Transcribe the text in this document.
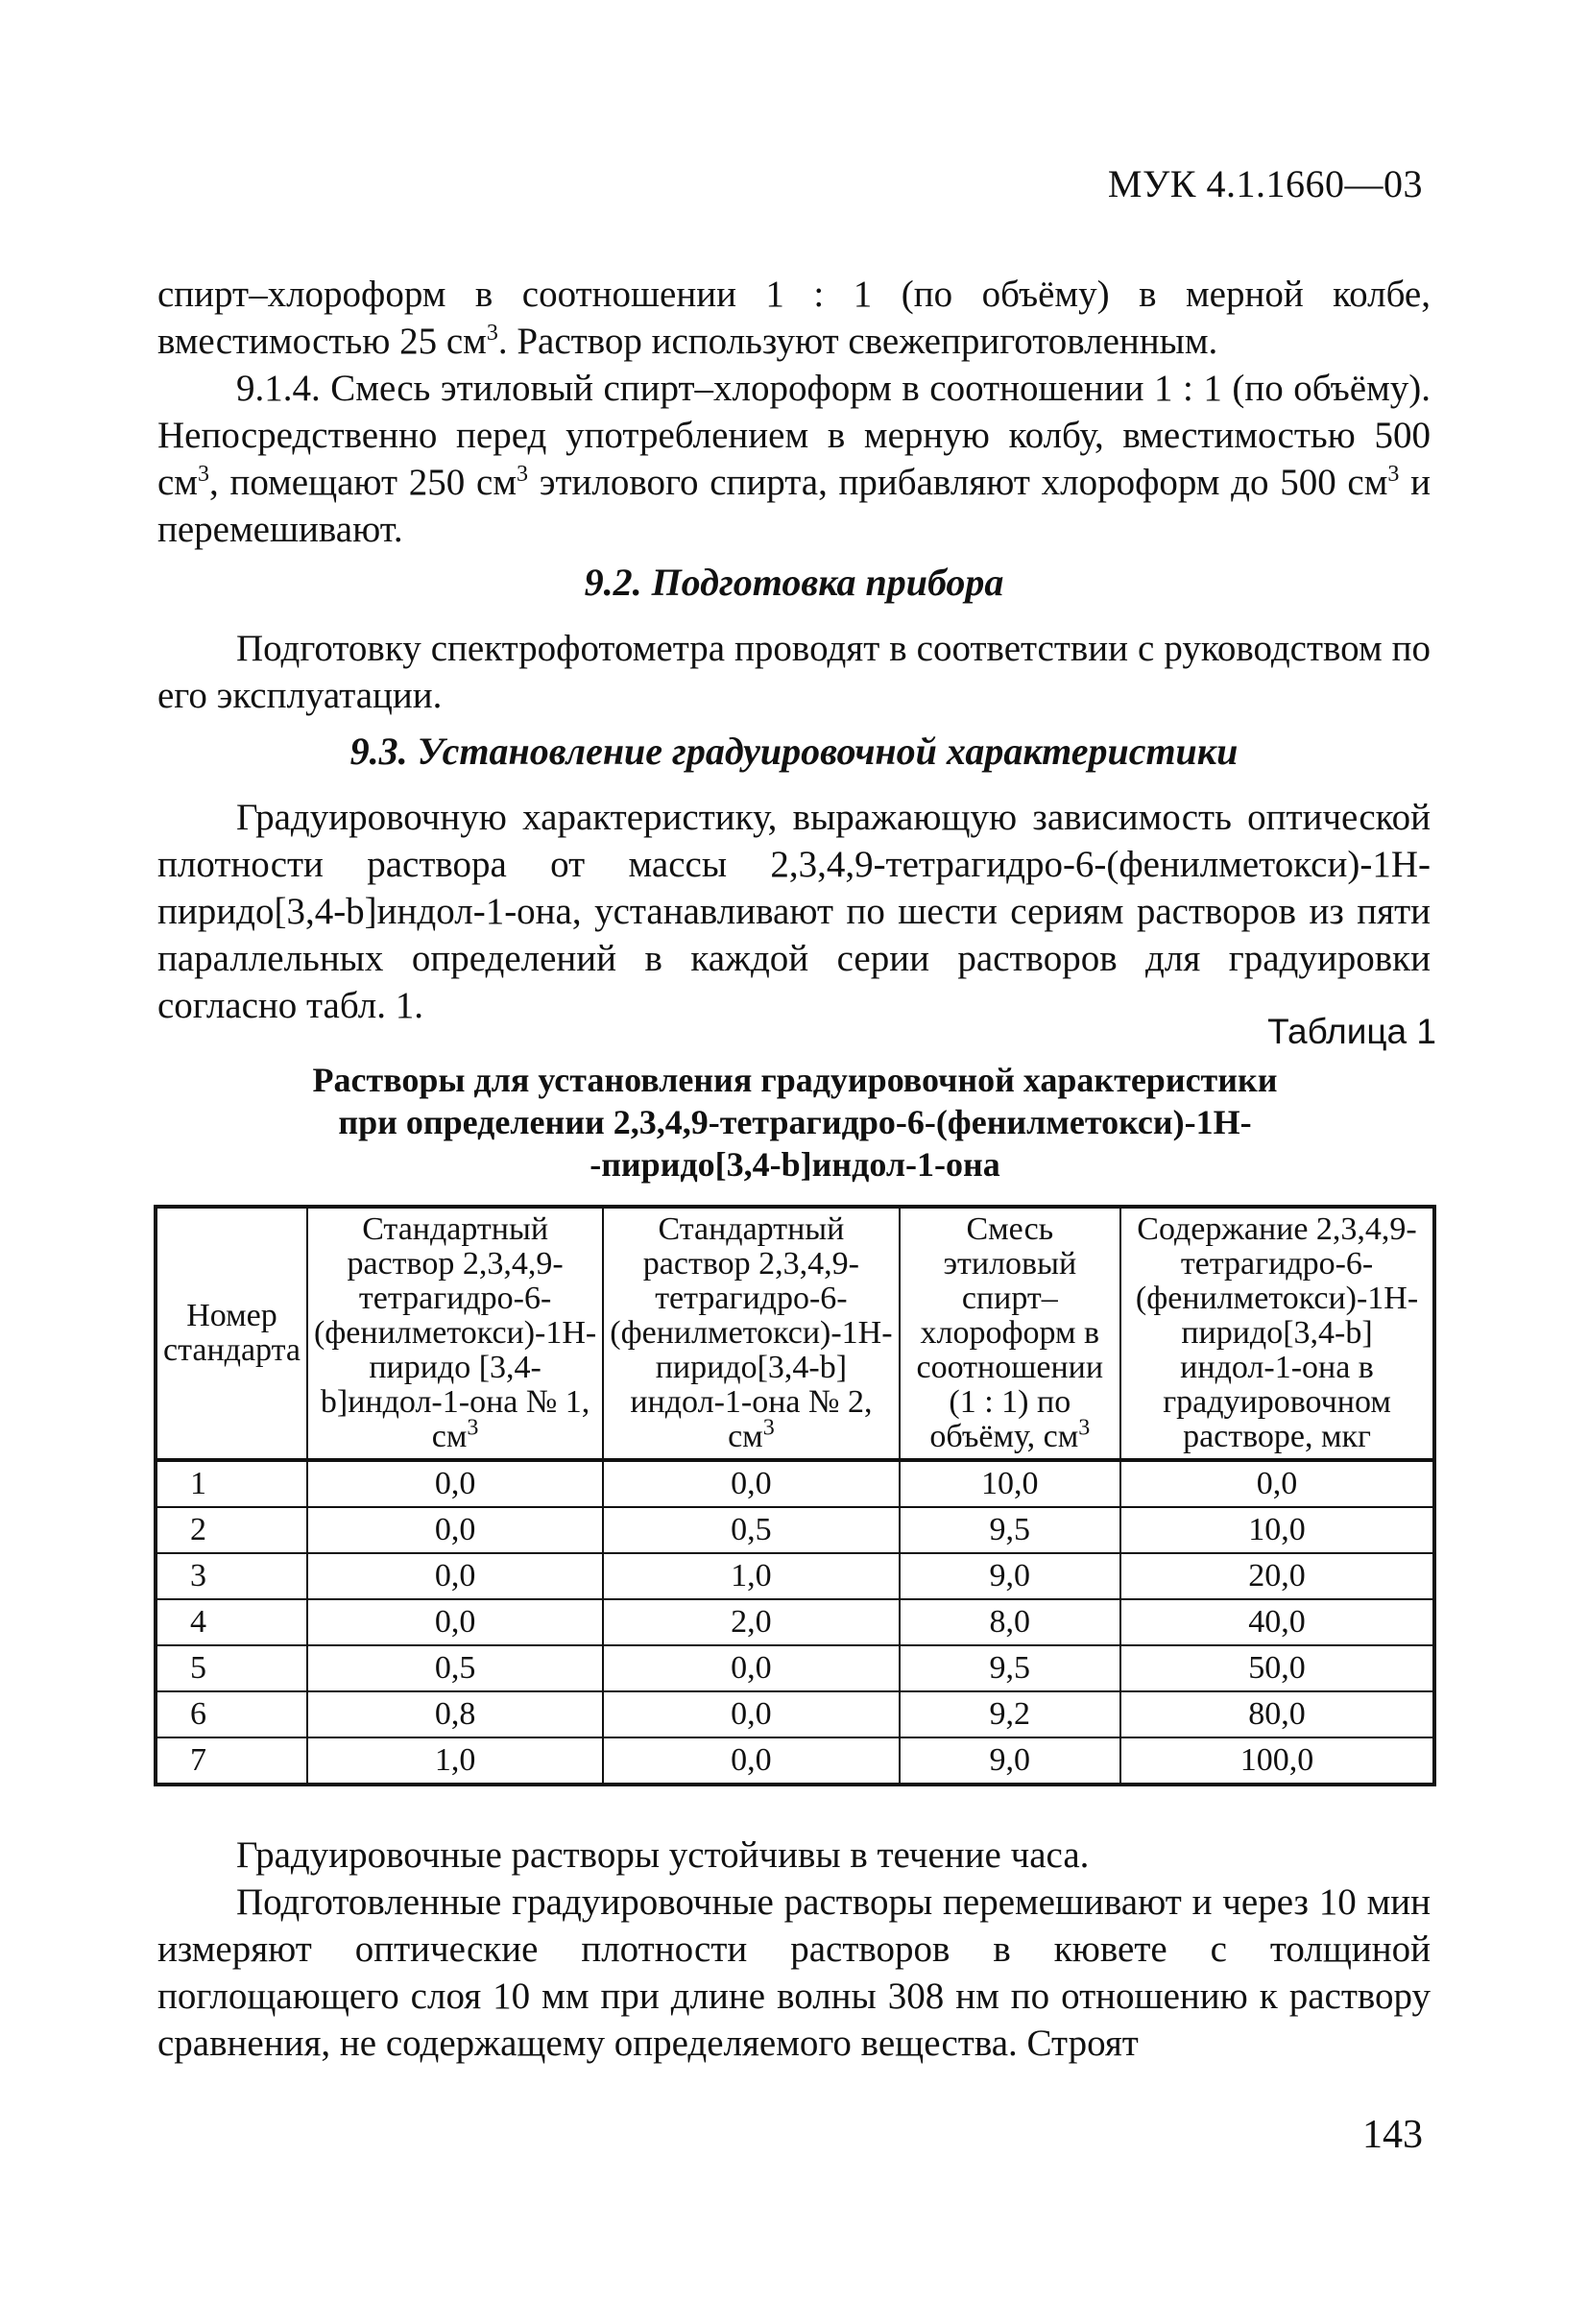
МУК 4.1.1660—03

спирт–хлороформ в соотношении 1 : 1 (по объёму) в мерной колбе, вместимостью 25 $см^3$. Раствор используют свежеприготовленным.

9.1.4. Смесь этиловый спирт–хлороформ в соотношении 1 : 1 (по объёму). Непосредственно перед употреблением в мерную колбу, вместимостью 500 $см^3$, помещают 250 $см^3$ этилового спирта, прибавляют хлороформ до 500 $см^3$ и перемешивают.

9.2. Подготовка прибора

Подготовку спектрофотометра проводят в соответствии с руководством по его эксплуатации.

9.3. Установление градуировочной характеристики

Градуировочную характеристику, выражающую зависимость оптической плотности раствора от массы 2,3,4,9-тетрагидро-6-(фенилметокси)-1Н-пиридо[3,4-b]индол-1-она, устанавливают по шести сериям растворов из пяти параллельных определений в каждой серии растворов для градуировки согласно табл. 1.

Таблица 1

Растворы для установления градуировочной характеристики
при определении 2,3,4,9-тетрагидро-6-(фенилметокси)-1Н-
-пиридо[3,4-b]индол-1-она
Номер стандарта	Стандартный раствор 2,3,4,9-тетрагидро-6-(фенилметокси)-1Н-пиридо [3,4-b]индол-1-она № 1, $см^3$	Стандартный раствор 2,3,4,9-тетрагидро-6-(фенилметокси)-1Н-пиридо[3,4-b] индол-1-она № 2, $см^3$	Смесь этиловый спирт–хлороформ в соотношении (1 : 1) по объёму, $см^3$	Содержание 2,3,4,9-тетрагидро-6-(фенилметокси)-1Н-пиридо[3,4-b] индол-1-она в градуировочном растворе, мкг
1	0,0	0,0	10,0	0,0
2	0,0	0,5	9,5	10,0
3	0,0	1,0	9,0	20,0
4	0,0	2,0	8,0	40,0
5	0,5	0,0	9,5	50,0
6	0,8	0,0	9,2	80,0
7	1,0	0,0	9,0	100,0

Градуировочные растворы устойчивы в течение часа.

Подготовленные градуировочные растворы перемешивают и через 10 мин измеряют оптические плотности растворов в кювете с толщиной поглощающего слоя 10 мм при длине волны 308 нм по отношению к раствору сравнения, не содержащему определяемого вещества. Строят

143
